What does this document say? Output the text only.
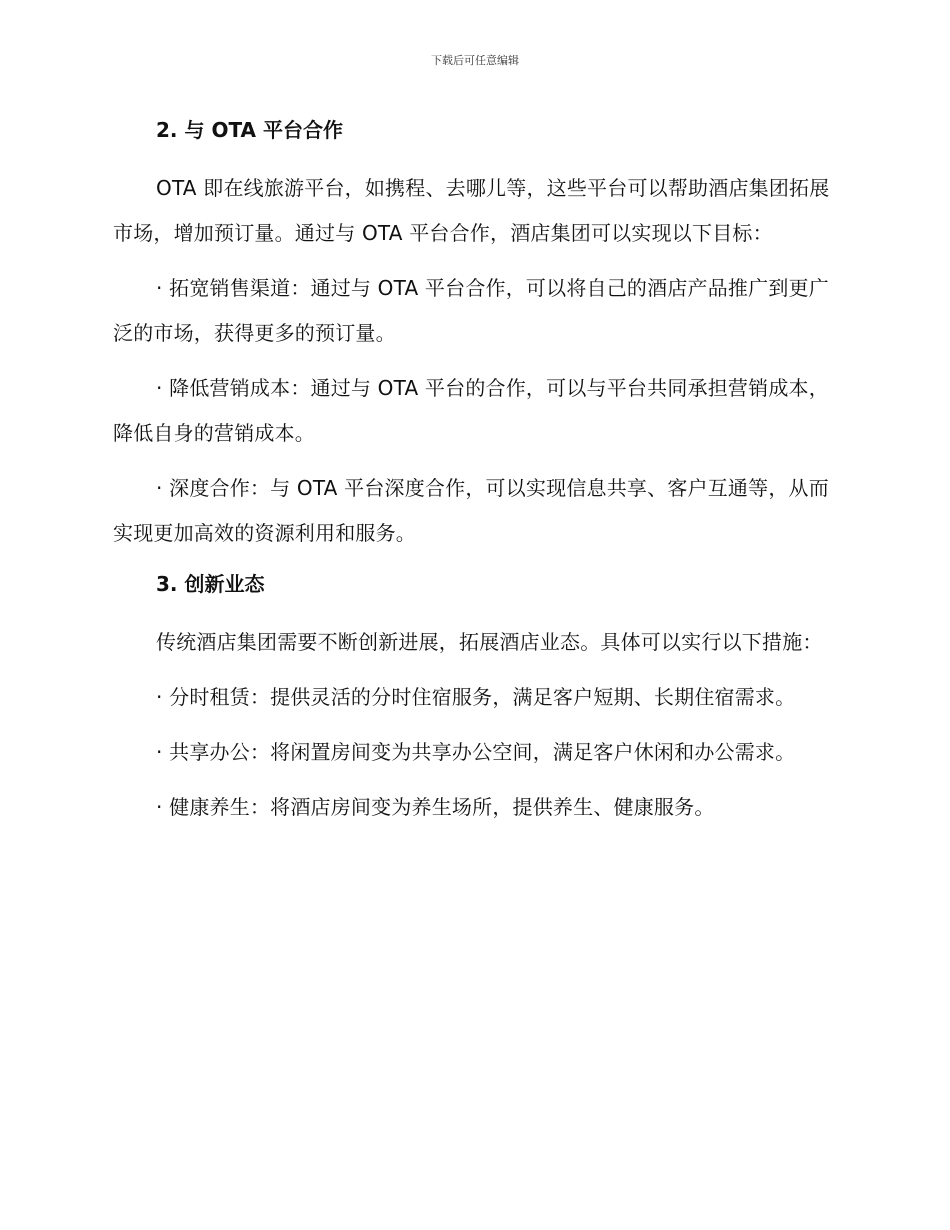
下载后可任意编辑
2. 与 OTA 平台合作

OTA 即在线旅游平台，如携程、去哪儿等，这些平台可以帮助酒店集团拓展市场，增加预订量。通过与 OTA 平台合作，酒店集团可以实现以下目标：

· 拓宽销售渠道：通过与 OTA 平台合作，可以将自己的酒店产品推广到更广泛的市场，获得更多的预订量。

· 降低营销成本：通过与 OTA 平台的合作，可以与平台共同承担营销成本，降低自身的营销成本。

· 深度合作：与 OTA 平台深度合作，可以实现信息共享、客户互通等，从而实现更加高效的资源利用和服务。

3. 创新业态

传统酒店集团需要不断创新进展，拓展酒店业态。具体可以实行以下措施：

· 分时租赁：提供灵活的分时住宿服务，满足客户短期、长期住宿需求。

· 共享办公：将闲置房间变为共享办公空间，满足客户休闲和办公需求。

· 健康养生：将酒店房间变为养生场所，提供养生、健康服务。
